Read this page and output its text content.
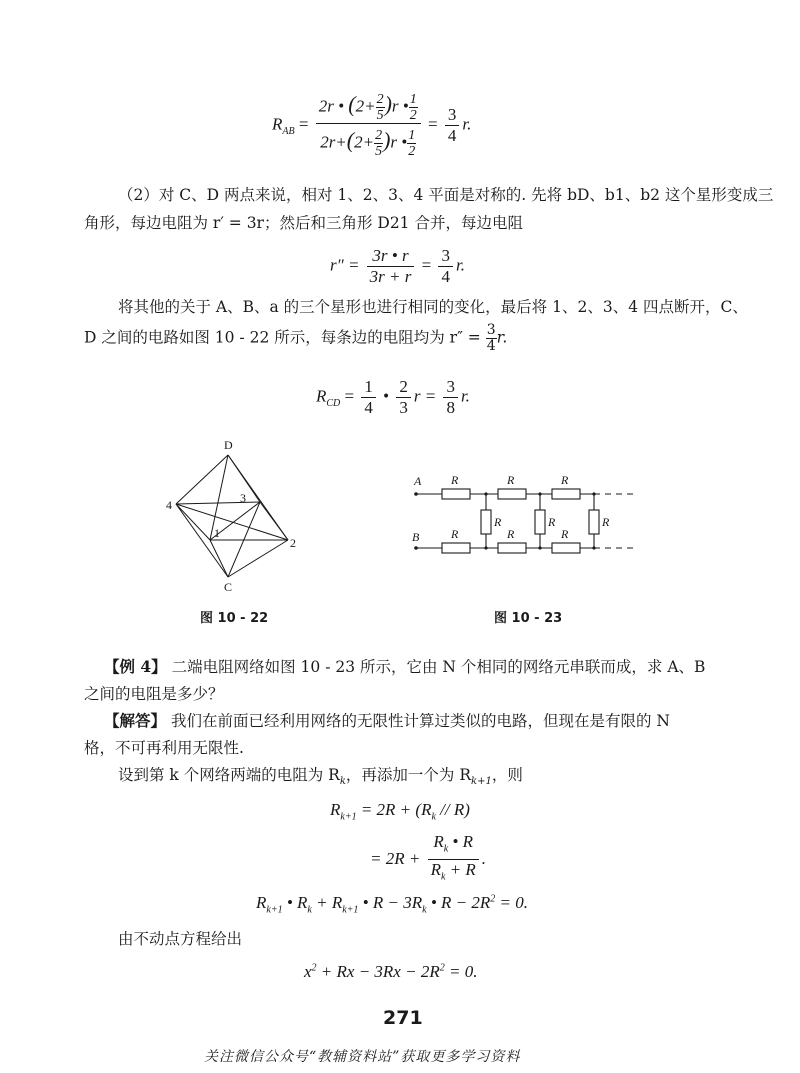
$R_{AB} = \frac{2r • (2+ \frac{2}{5} )r • \frac{1}{2}}{2r+(2+ \frac{2}{5} )r • \frac{1}{2}} = \frac{3}{4} r$.
（2）对 C、D 两点来说，相对 1、2、3、4 平面是对称的. 先将 bD、b1、b2 这个星形变成三
角形，每边电阻为 r′ = 3r；然后和三角形 D21 合并，每边电阻
$r'' = \frac{3r • r}{3r + r} = \frac{3}{4} r$.
将其他的关于 A、B、a 的三个星形也进行相同的变化，最后将 1、2、3、4 四点断开，C、
D 之间的电路如图 10 - 22 所示，每条边的电阻均为 $r'' = \frac{3}{4} r$.
$R_{CD} = \frac{1}{4}$ • $\frac{2}{3}$ $r = \frac{3}{8} r$.
D
4	3
1
2
C
图 10 - 22
A
B
R	R	R
R	R	R
R	R	R
图 10 - 23
【例 4】 二端电阻网络如图 10 - 23 所示，它由 N 个相同的网络元串联而成，求 A、B
之间的电阻是多少？
【解答】 我们在前面已经利用网络的无限性计算过类似的电路，但现在是有限的 N
格，不可再利用无限性.
设到第 k 个网络两端的电阻为 $R_k$，再添加一个为 $R_{k+1}$，则
$R_{k+1} = 2R + (R_k // R)$
= $2R + \frac{R_k • R}{R_k + R}$ .
$R_{k+1}$ • $R_k + R_{k+1}$ • $R - 3R_k$ • $R - 2R^2 = 0$.
由不动点方程给出
$x^2 + Rx - 3Rx - 2R^2 = 0$.
271
关注微信公众号“教辅资料站”获取更多学习资料
